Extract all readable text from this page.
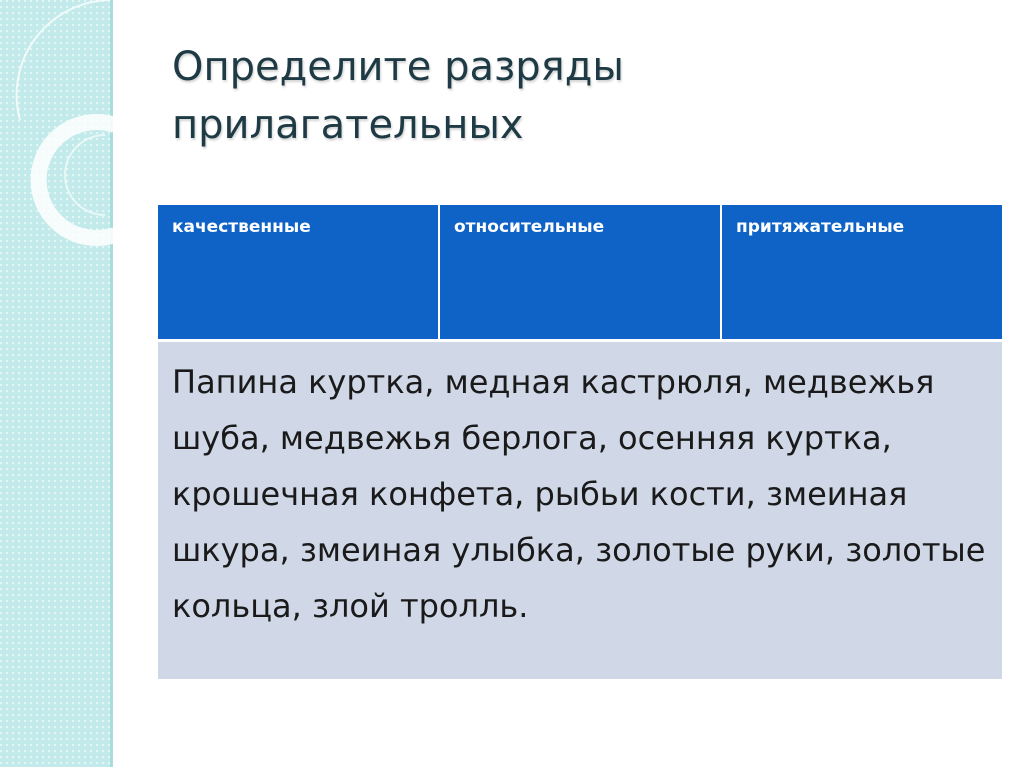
Определите разряды
прилагательных
качественные	относительные	притяжательные
Папина куртка, медная кастрюля, медвежья шуба, медвежья берлога, осенняя куртка, крошечная конфета, рыбьи кости, змеиная шкура, змеиная улыбка, золотые руки, золотые кольца, злой тролль.
